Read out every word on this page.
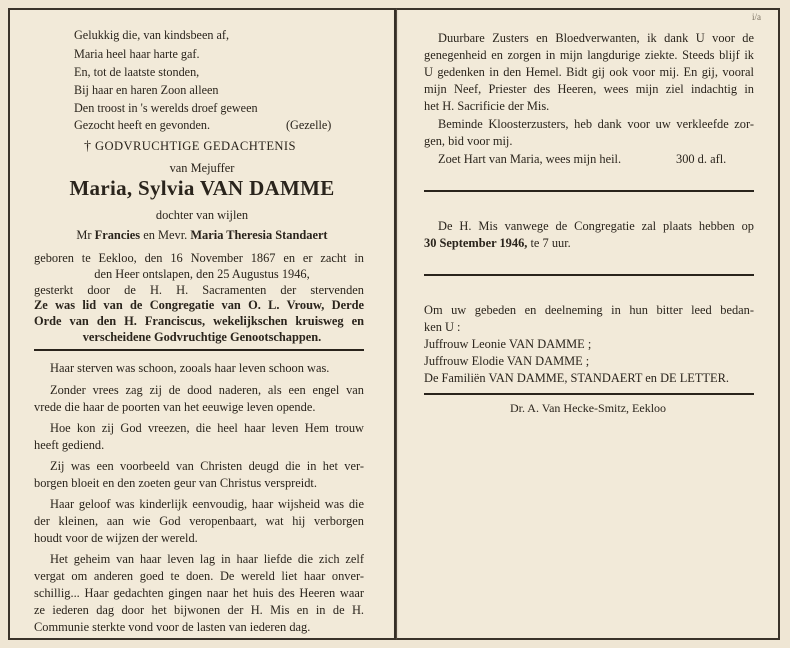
Gelukkig die, van kindsbeen af,
Maria heel haar harte gaf.
En, tot de laatste stonden,
Bij haar en haren Zoon alleen
Den troost in 's werelds droef geween
Gezocht heeft en gevonden.	(Gezelle)
† GODVRUCHTIGE GEDACHTENIS
van Mejuffer
Maria, Sylvia VAN DAMME
dochter van wijlen
Mr Francies en Mevr. Maria Theresia Standaert
geboren te Eekloo, den 16 November 1867 en er zacht in
den Heer ontslapen, den 25 Augustus 1946,
gesterkt door de H. H. Sacramenten der stervenden
Ze was lid van de Congregatie van O. L. Vrouw, Derde
Orde van den H. Franciscus, wekelijkschen kruisweg en
verscheidene Godvruchtige Genootschappen.
Haar sterven was schoon, zooals haar leven schoon was.
Zonder vrees zag zij de dood naderen, als een engel van
vrede die haar de poorten van het eeuwige leven opende.
Hoe kon zij God vreezen, die heel haar leven Hem trouw
heeft gediend.
Zij was een voorbeeld van Christen deugd die in het ver-
borgen bloeit en den zoeten geur van Christus verspreidt.
Haar geloof was kinderlijk eenvoudig, haar wijsheid was die
der kleinen, aan wie God veropenbaart, wat hij verborgen
houdt voor de wijzen der wereld.
Het geheim van haar leven lag in haar liefde die zich zelf
vergat om anderen goed te doen. De wereld liet haar onver-
schillig... Haar gedachten gingen naar het huis des Heeren waar
ze iederen dag door het bijwonen der H. Mis en in de H.
Communie sterkte vond voor de lasten van iederen dag.
i/a
Duurbare Zusters en Bloedverwanten, ik dank U voor de
genegenheid en zorgen in mijn langdurige ziekte. Steeds blijf ik
U gedenken in den Hemel. Bidt gij ook voor mij. En gij, vooral
mijn Neef, Priester des Heeren, wees mijn ziel indachtig in
het H. Sacrificie der Mis.
Beminde Kloosterzusters, heb dank voor uw verkleefde zor-
gen, bid voor mij.
Zoet Hart van Maria, wees mijn heil.	300 d. afl.
De H. Mis vanwege de Congregatie zal plaats hebben op
30 September 1946, te 7 uur.
Om uw gebeden en deelneming in hun bitter leed bedan-
ken U :
Juffrouw Leonie VAN DAMME ;
Juffrouw Elodie VAN DAMME ;
De Familiën VAN DAMME, STANDAERT en DE LETTER.
Dr. A. Van Hecke-Smitz, Eekloo
